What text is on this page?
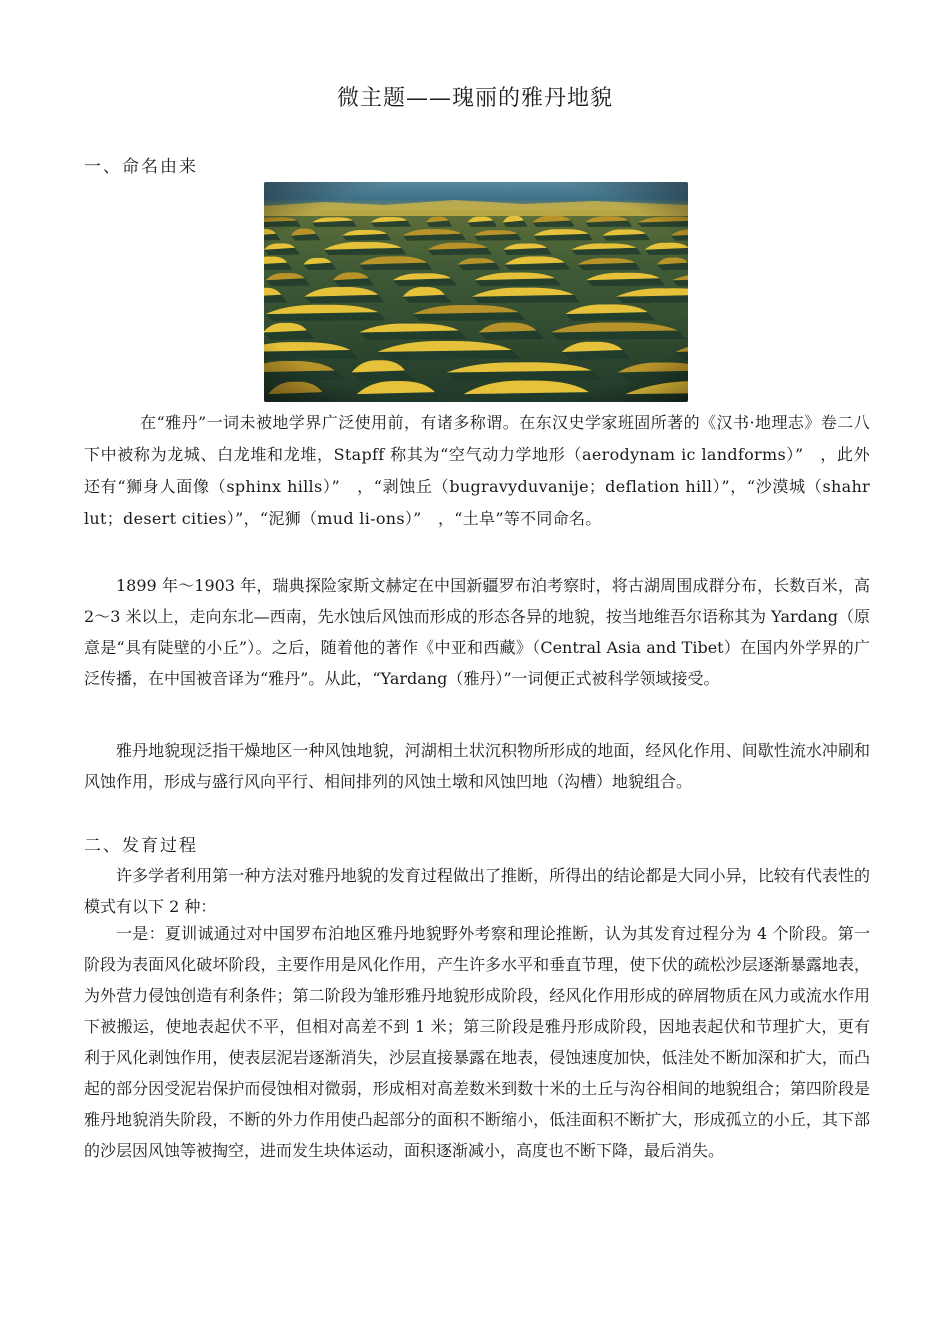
微主题——瑰丽的雅丹地貌
一、命名由来

在“雅丹”一词未被地学界广泛使用前，有诸多称谓。在东汉史学家班固所著的《汉书·地理志》卷二八下中被称为龙城、白龙堆和龙堆，Stapff 称其为“空气动力学地形（aerodynam ic landforms）”　，此外还有“狮身人面像（sphinx hills）”　，“剥蚀丘（bugravyduvanije；deflation hill）”，“沙漠城（shahr lut；desert cities）”，“泥狮（mud li-ons）”　，“土阜”等不同命名。

1899 年～1903 年，瑞典探险家斯文赫定在中国新疆罗布泊考察时，将古湖周围成群分布，长数百米，高 2～3 米以上，走向东北—西南，先水蚀后风蚀而形成的形态各异的地貌，按当地维吾尔语称其为 Yardang（原意是“具有陡壁的小丘”）。之后，随着他的著作《中亚和西藏》（Central Asia and Tibet）在国内外学界的广泛传播，在中国被音译为“雅丹”。从此，“Yardang（雅丹）”一词便正式被科学领域接受。

雅丹地貌现泛指干燥地区一种风蚀地貌，河湖相土状沉积物所形成的地面，经风化作用、间歇性流水冲刷和风蚀作用，形成与盛行风向平行、相间排列的风蚀土墩和风蚀凹地（沟槽）地貌组合。

二、发育过程

许多学者利用第一种方法对雅丹地貌的发育过程做出了推断，所得出的结论都是大同小异，比较有代表性的模式有以下 2 种：

一是：夏训诚通过对中国罗布泊地区雅丹地貌野外考察和理论推断，认为其发育过程分为 4 个阶段。第一阶段为表面风化破坏阶段，主要作用是风化作用，产生许多水平和垂直节理，使下伏的疏松沙层逐渐暴露地表，为外营力侵蚀创造有利条件；第二阶段为雏形雅丹地貌形成阶段，经风化作用形成的碎屑物质在风力或流水作用下被搬运，使地表起伏不平，但相对高差不到 1 米；第三阶段是雅丹形成阶段，因地表起伏和节理扩大，更有利于风化剥蚀作用，使表层泥岩逐渐消失，沙层直接暴露在地表，侵蚀速度加快，低洼处不断加深和扩大，而凸起的部分因受泥岩保护而侵蚀相对微弱，形成相对高差数米到数十米的土丘与沟谷相间的地貌组合；第四阶段是雅丹地貌消失阶段，不断的外力作用使凸起部分的面积不断缩小，低洼面积不断扩大，形成孤立的小丘，其下部的沙层因风蚀等被掏空，进而发生块体运动，面积逐渐减小，高度也不断下降，最后消失。
